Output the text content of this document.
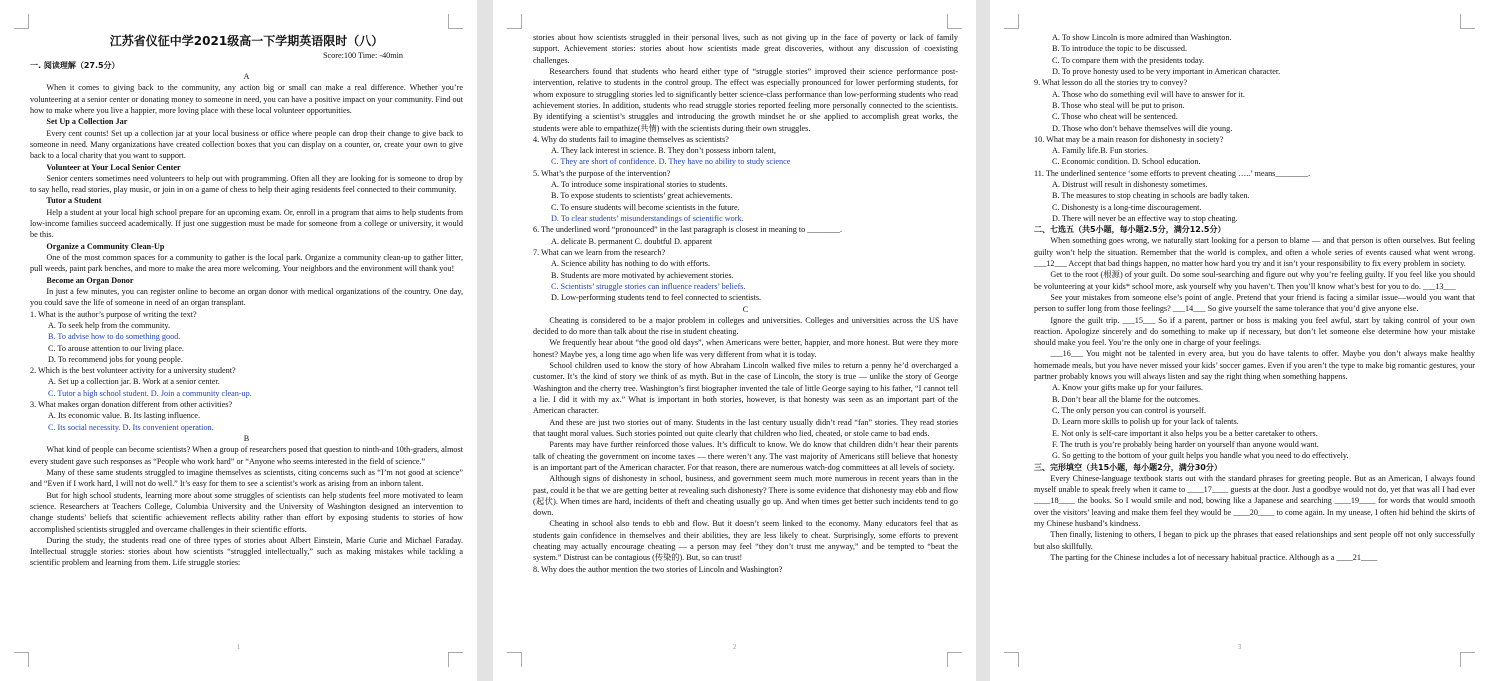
江苏省仪征中学2021级高一下学期英语限时（八）
Score:100 Time: -40min
一. 阅读理解（27.5分）

A

When it comes to giving back to the community, any action big or small can make a real difference. Whether you’re volunteering at a senior center or donating money to someone in need, you can have a positive impact on your community. Find out how to make where you live a happier, more loving place with these local volunteer opportunities.

Set Up a Collection Jar

Every cent counts! Set up a collection jar at your local business or office where people can drop their change to give back to someone in need. Many organizations have created collection boxes that you can display on a counter, or, create your own to give back to a local charity that you want to support.

Volunteer at Your Local Senior Center

Senior centers sometimes need volunteers to help out with programming. Often all they are looking for is someone to drop by to say hello, read stories, play music, or join in on a game of chess to help their aging residents feel connected to their community.

Tutor a Student

Help a student at your local high school prepare for an upcoming exam. Or, enroll in a program that aims to help students from low-income families succeed academically. If just one suggestion must be made for someone from a college or university, it would be this.

Organize a Community Clean-Up

One of the most common spaces for a community to gather is the local park. Organize a community clean-up to gather litter, pull weeds, paint park benches, and more to make the area more welcoming. Your neighbors and the environment will thank you!

Become an Organ Donor

In just a few minutes, you can register online to become an organ donor with medical organizations of the country. One day, you could save the life of someone in need of an organ transplant.

1. What is the author’s purpose of writing the text?

A. To seek help from the community.

B. To advise how to do something good.

C. To arouse attention to our living place.

D. To recommend jobs for young people.

2. Which is the best volunteer activity for a university student?

A. Set up a collection jar. B. Work at a senior center.

C. Tutor a high school student. D. Join a community clean-up.

3. What makes organ donation different from other activities?

A. Its economic value. B. Its lasting influence.

C. Its social necessity. D. Its convenient operation.

B

What kind of people can become scientists? When a group of researchers posed that question to ninth-and 10th-graders, almost every student gave such responses as “People who work hard” or “Anyone who seems interested in the field of science.”

Many of these same students struggled to imagine themselves as scientists, citing concerns such as “I’m not good at science” and “Even if I work hard, I will not do well.” It’s easy for them to see a scientist’s work as arising from an inborn talent.

But for high school students, learning more about some struggles of scientists can help students feel more motivated to learn science. Researchers at Teachers College, Columbia University and the University of Washington designed an intervention to change students’ beliefs that scientific achievement reflects ability rather than effort by exposing students to stories of how accomplished scientists struggled and overcame challenges in their scientific efforts.

During the study, the students read one of three types of stories about Albert Einstein, Marie Curie and Michael Faraday. Intellectual struggle stories: stories about how scientists “struggled intellectually,” such as making mistakes while tackling a scientific problem and learning from them. Life struggle stories:

1

stories about how scientists struggled in their personal lives, such as not giving up in the face of poverty or lack of family support. Achievement stories: stories about how scientists made great discoveries, without any discussion of coexisting challenges.

Researchers found that students who heard either type of “struggle stories” improved their science performance post-intervention, relative to students in the control group. The effect was especially pronounced for lower performing students, for whom exposure to struggling stories led to significantly better science-class performance than low-performing students who read achievement stories. In addition, students who read struggle stories reported feeling more personally connected to the scientists. By identifying a scientist’s struggles and introducing the growth mindset he or she applied to accomplish great works, the students were able to empathize(共情) with the scientists during their own struggles.

4. Why do students fail to imagine themselves as scientists?

A. They lack interest in science. B. They don’t possess inborn talent,

C. They are short of confidence. D. They have no ability to study science

5. What’s the purpose of the intervention?

A. To introduce some inspirational stories to students.

B. To expose students to scientists’ great achievements.

C. To ensure students will become scientists in the future.

D. To clear students’ misunderstandings of scientific work.

6. The underlined word “pronounced” in the last paragraph is closest in meaning to ________.

A. delicate B. permanent C. doubtful D. apparent

7. What can we learn from the research?

A. Science ability has nothing to do with efforts.

B. Students are more motivated by achievement stories.

C. Scientists’ struggle stories can influence readers’ beliefs.

D. Low-performing students tend to feel connected to scientists.

C

Cheating is considered to be a major problem in colleges and universities. Colleges and universities across the US have decided to do more than talk about the rise in student cheating.

We frequently hear about “the good old days”, when Americans were better, happier, and more honest. But were they more honest? Maybe yes, a long time ago when life was very different from what it is today.

School children used to know the story of how Abraham Lincoln walked five miles to return a penny he’d overcharged a customer. It’s the kind of story we think of as myth. But in the case of Lincoln, the story is true — unlike the story of George Washington and the cherry tree. Washington’s first biographer invented the tale of little George saying to his father, “I cannot tell a lie. I did it with my ax.” What is important in both stories, however, is that honesty was seen as an important part of the American character.

And these are just two stories out of many. Students in the last century usually didn’t read “fan” stories. They read stories that taught moral values. Such stories pointed out quite clearly that children who lied, cheated, or stole came to bad ends.

Parents may have further reinforced those values. It’s difficult to know. We do know that children didn’t hear their parents talk of cheating the government on income taxes — there weren’t any. The vast majority of Americans still believe that honesty is an important part of the American character. For that reason, there are numerous watch-dog committees at all levels of society.

Although signs of dishonesty in school, business, and government seem much more numerous in recent years than in the past, could it be that we are getting better at revealing such dishonesty? There is some evidence that dishonesty may ebb and flow (起伏). When times are hard, incidents of theft and cheating usually go up. And when times get better such incidents tend to go down.

Cheating in school also tends to ebb and flow. But it doesn’t seem linked to the economy. Many educators feel that as students gain confidence in themselves and their abilities, they are less likely to cheat. Surprisingly, some efforts to prevent cheating may actually encourage cheating — a person may feel “they don’t trust me anyway,” and be tempted to “beat the system.” Distrust can be contagious (传染的). But, so can trust!

8. Why does the author mention the two stories of Lincoln and Washington?

2

A. To show Lincoln is more admired than Washington.

B. To introduce the topic to be discussed.

C. To compare them with the presidents today.

D. To prove honesty used to be very important in American character.

9. What lesson do all the stories try to convey?

A. Those who do something evil will have to answer for it.

B. Those who steal will be put to prison.

C. Those who cheat will be sentenced.

D. Those who don’t behave themselves will die young.

10. What may be a main reason for dishonesty in society?

A. Family life.B. Fun stories.

C. Economic condition. D. School education.

11. The underlined sentence ‘some efforts to prevent cheating …..’ means________.

A. Distrust will result in dishonesty sometimes.

B. The measures to stop cheating in schools are badly taken.

C. Dishonesty is a long-time discouragement.

D. There will never be an effective way to stop cheating.

二、七选五（共5小题，每小题2.5分，满分12.5分）

When something goes wrong, we naturally start looking for a person to blame — and that person is often ourselves. But feeling guilty won’t help the situation. Remember that the world is complex, and often a whole series of events caused what went wrong. ___12___ Accept that bad things happen, no matter how hard you try and it isn’t your responsibility to fix every problem in society.

Get to the root (根源) of your guilt. Do some soul-searching and figure out why you’re feeling guilty. If you feel like you should be volunteering at your kids* school more, ask yourself why you haven’t. Then you’ll know what’s best for you to do. ___13___

See your mistakes from someone else’s point of angle. Pretend that your friend is facing a similar issue—would you want that person to suffer long from those feelings? ___14___ So give yourself the same tolerance that you’d give anyone else.

Ignore the guilt trip. ___15___ So if a parent, partner or boss is making you feel awful, start by taking control of your own reaction. Apologize sincerely and do something to make up if necessary, but don’t let someone else determine how your mistake should make you feel. You’re the only one in charge of your feelings.

___16___ You might not be talented in every area, but you do have talents to offer. Maybe you don’t always make healthy homemade meals, but you have never missed your kids’ soccer games. Even if you aren’t the type to make big romantic gestures, your partner probably knows you will always listen and say the right thing when something happens.

A. Know your gifts make up for your failures.

B. Don’t bear all the blame for the outcomes.

C. The only person you can control is yourself.

D. Learn more skills to polish up for your lack of talents.

E. Not only is self-care important it also helps you be a better caretaker to others.

F. The truth is you’re probably being harder on yourself than anyone would want.

G. So getting to the bottom of your guilt helps you handle what you need to do effectively.

三、完形填空（共15小题，每小题2分，满分30分）

Every Chinese-language textbook starts out with the standard phrases for greeting people. But as an American, I always found myself unable to speak freely when it came to ____17____ guests at the door. Just a goodbye would not do, yet that was all I had ever ____18____ the books. So I would smile and nod, bowing like a Japanese and searching ____19____ for words that would smooth over the visitors’ leaving and make them feel they would be ____20____ to come again. In my unease, I often hid behind the skirts of my Chinese husband’s kindness.

Then finally, listening to others, I began to pick up the phrases that eased relationships and sent people off not only successfully but also skillfully.

The parting for the Chinese includes a lot of necessary habitual practice. Although as a ____21____

3
